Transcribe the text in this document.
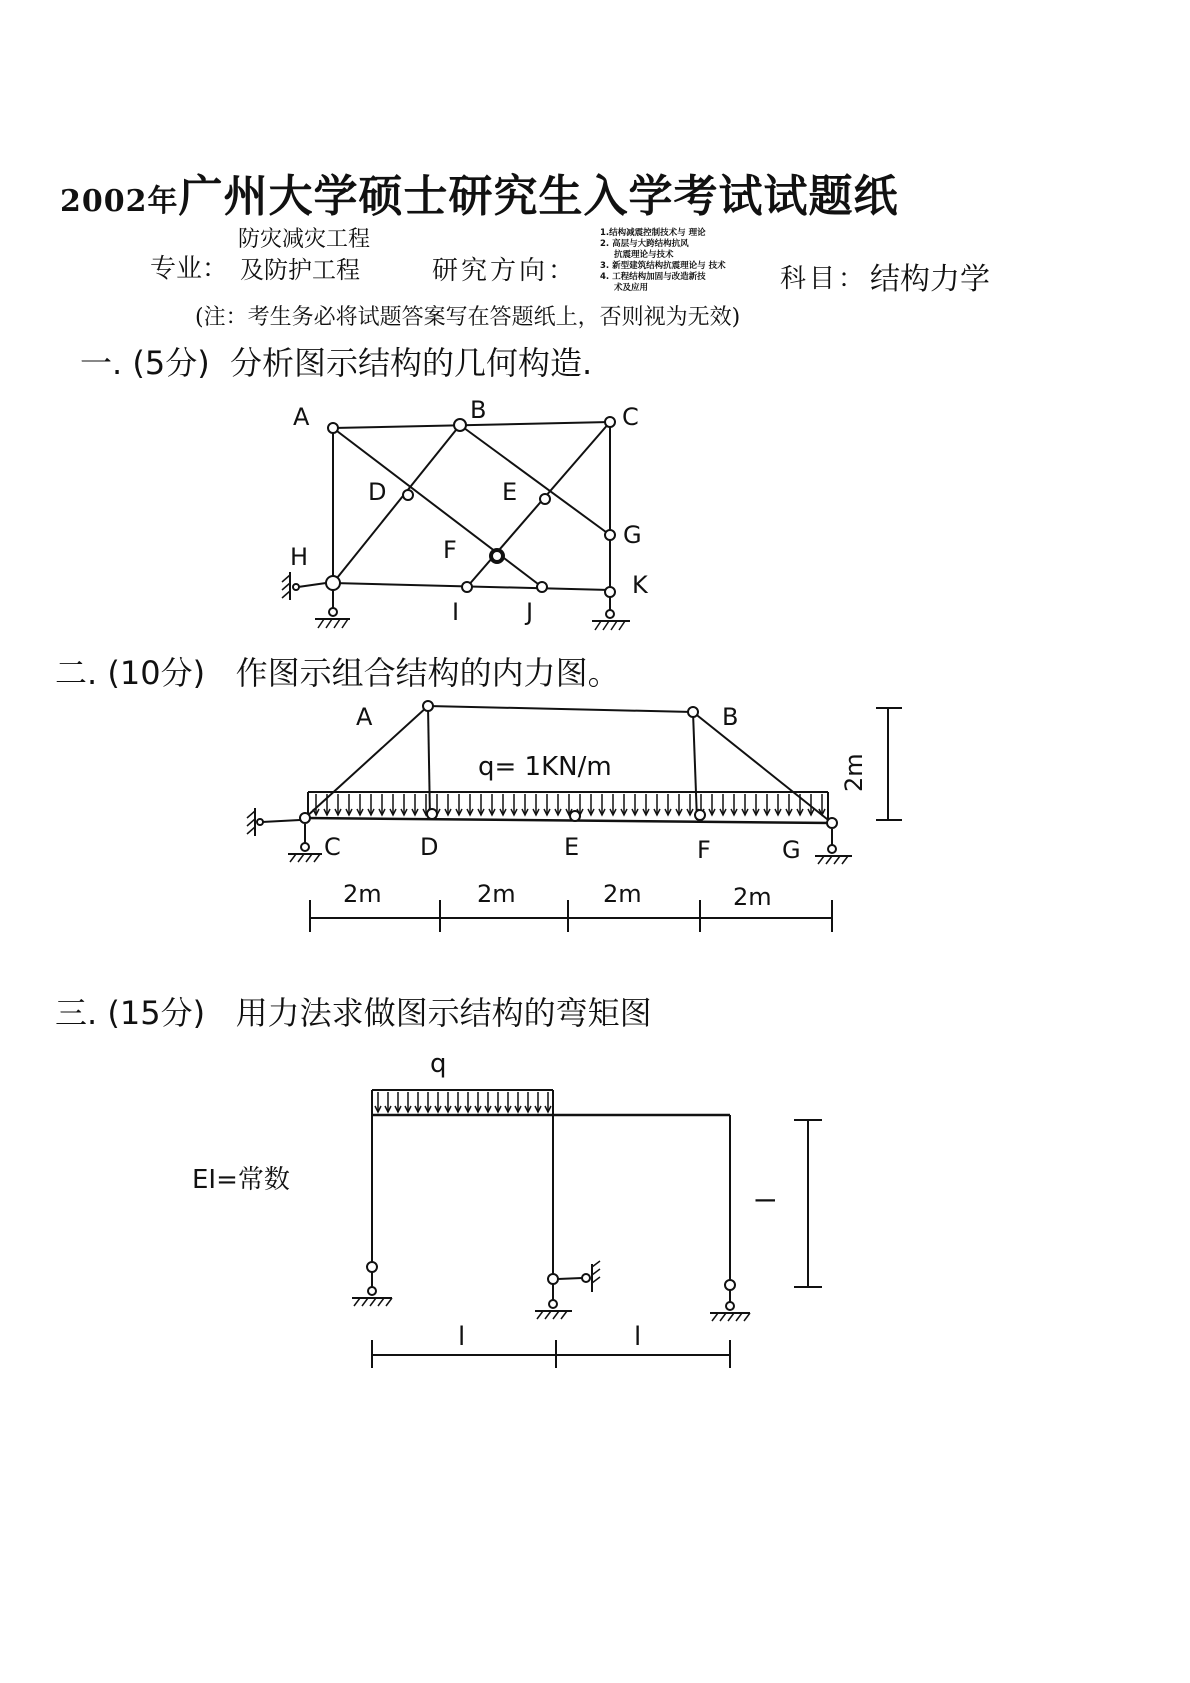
2002年广州大学硕士研究生入学考试试题纸
防灾减灾工程
专业： 及防护工程	研究方向：
1.结构减震控制技术与 理论
2. 高层与大跨结构抗风
抗震理论与技术
3. 新型建筑结构抗震理论与 技术
4. 工程结构加固与改造新技
术及应用	科目： 结构力学
(注：考生务必将试题答案写在答题纸上，否则视为无效)
一. (5分) 分析图示结构的几何构造.
二. (10分) 作图示组合结构的内力图。
三. (15分) 用力法求做图示结构的弯矩图
A	B	C
D	E
F
G
H
I	J
K
A	B
C	D	E	F	G
q= 1KN/m	2m
2m	2m	2m	2m
q
EI=常数
l
l	l
